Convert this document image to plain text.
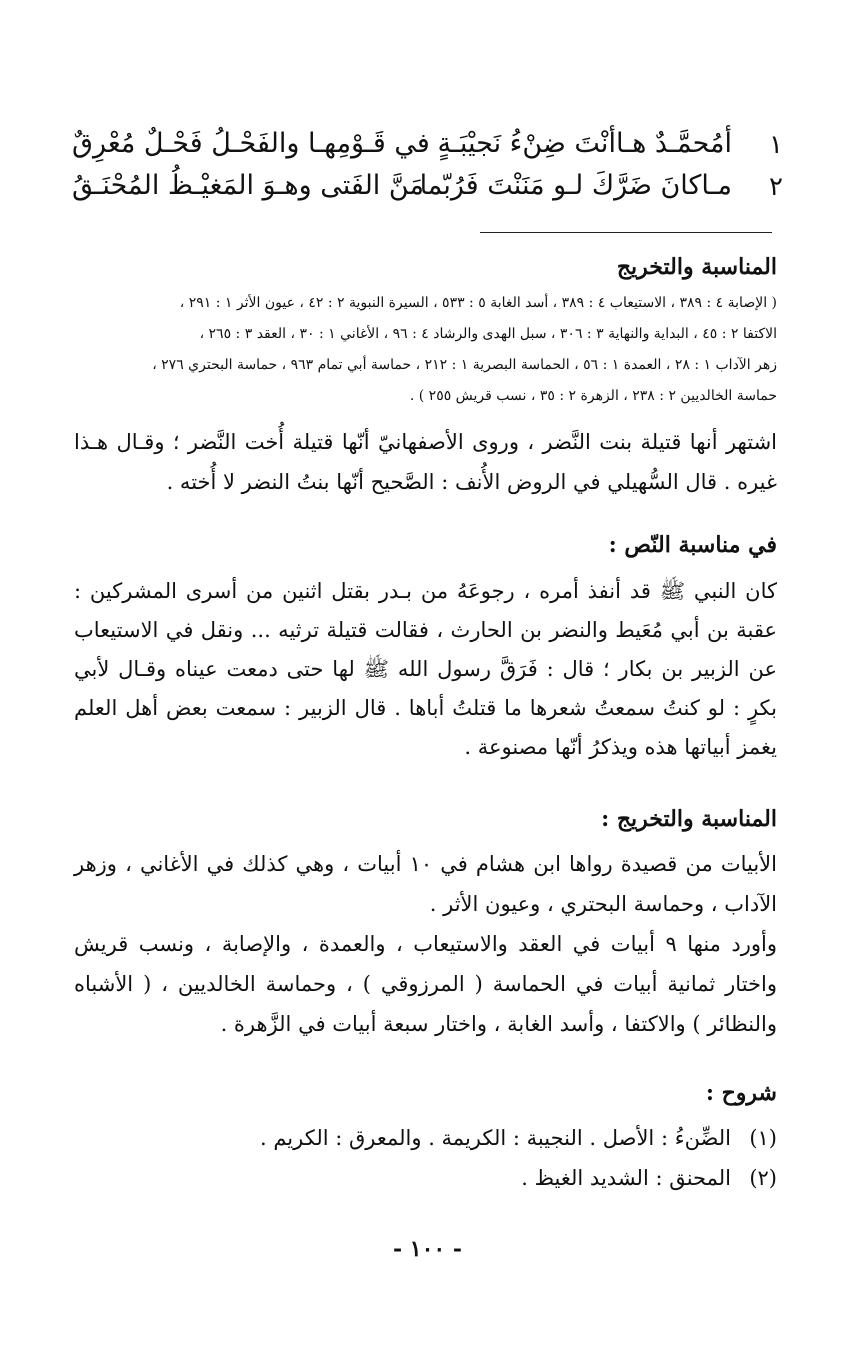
١
أمُحمَّـدٌ هـاأنْتَ ضِنْءُ نَجيْبَـةٍ
في قَـوْمِهـا والفَحْـلُ فَحْـلٌ مُعْرِقٌ
٢
مـاكانَ ضَرَّكَ لـو مَنَنْتَ فَرُبّما
مَنَّ الفَتى وهـوَ المَغيْـظُ المُحْنَـقُ
المناسبة والتخريج
( الإصابة ٤ : ٣٨٩ ، الاستيعاب ٤ : ٣٨٩ ، أسد الغابة ٥ : ٥٣٣ ، السيرة النبوية ٢ : ٤٢ ، عيون الأثر ١ : ٢٩١ ،
الاكتفا ٢ : ٤٥ ، البداية والنهاية ٣ : ٣٠٦ ، سبل الهدى والرشاد ٤ : ٩٦ ، الأغاني ١ : ٣٠ ، العقد ٣ : ٢٦٥ ،
زهر الآداب ١ : ٢٨ ، العمدة ١ : ٥٦ ، الحماسة البصرية ١ : ٢١٢ ، حماسة أبي تمام ٩٦٣ ، حماسة البحتري ٢٧٦ ،
حماسة الخالديين ٢ : ٢٣٨ ، الزهرة ٢ : ٣٥ ، نسب قريش ٢٥٥ ) .
اشتهر أنها قتيلة بنت النَّضر ، وروى الأصفهانيّ أنّها قتيلة أُخت النَّضر ؛ وقـال هـذا غيره . قال السُّهيلي في الروض الأُنف : الصَّحيح أنّها بنتُ النضر لا أُخته .
في مناسبة النّص :
كان النبي ﷺ قد أنفذ أمره ، رجوعَهُ من بـدر بقتل اثنين من أسرى المشركين : عقبة بن أبي مُعَيط والنضر بن الحارث ، فقالت قتيلة ترثيه ... ونقل في الاستيعاب عن الزبير بن بكار ؛ قال : فَرَقَّ رسول الله ﷺ لها حتى دمعت عيناه وقـال لأبي بكرٍ : لو كنتُ سمعتُ شعرها ما قتلتُ أباها . قال الزبير : سمعت بعض أهل العلم يغمز أبياتها هذه ويذكرُ أنّها مصنوعة .
المناسبة والتخريج :
الأبيات من قصيدة رواها ابن هشام في ١٠ أبيات ، وهي كذلك في الأغاني ، وزهر الآداب ، وحماسة البحتري ، وعيون الأثر .
وأورد منها ٩ أبيات في العقد والاستيعاب ، والعمدة ، والإصابة ، ونسب قريش واختار ثمانية أبيات في الحماسة ( المرزوقي ) ، وحماسة الخالديين ، ( الأشباه والنظائر ) والاكتفا ، وأسد الغابة ، واختار سبعة أبيات في الزَّهرة .
شروح :
(١)الضِّنءُ : الأصل . النجيبة : الكريمة . والمعرق : الكريم .
(٢)المحنق : الشديد الغيظ .
- ١٠٠ -
